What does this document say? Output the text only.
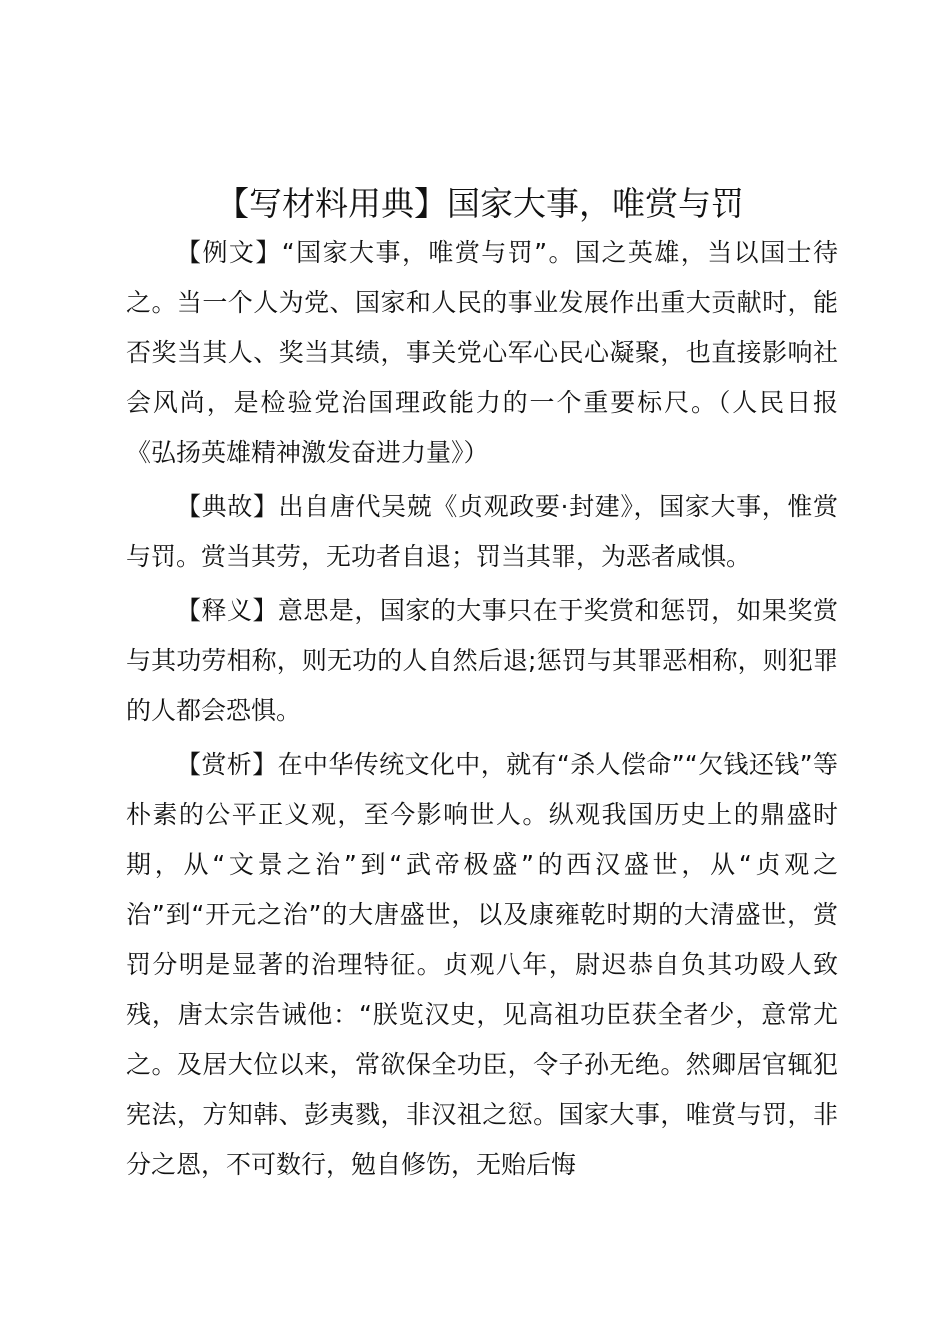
【写材料用典】国家大事，唯赏与罚

【例文】“国家大事，唯赏与罚”。国之英雄，当以国士待之。当一个人为党、国家和人民的事业发展作出重大贡献时，能否奖当其人、奖当其绩，事关党心军心民心凝聚，也直接影响社会风尚，是检验党治国理政能力的一个重要标尺。（人民日报《弘扬英雄精神激发奋进力量》）

【典故】出自唐代吴兢《贞观政要·封建》，国家大事，惟赏与罚。赏当其劳，无功者自退；罚当其罪，为恶者咸惧。

【释义】意思是，国家的大事只在于奖赏和惩罚，如果奖赏与其功劳相称，则无功的人自然后退;惩罚与其罪恶相称，则犯罪的人都会恐惧。

【赏析】在中华传统文化中，就有“杀人偿命”“欠钱还钱”等朴素的公平正义观，至今影响世人。纵观我国历史上的鼎盛时期，从“文景之治”到“武帝极盛”的西汉盛世，从“贞观之治”到“开元之治”的大唐盛世，以及康雍乾时期的大清盛世，赏罚分明是显著的治理特征。贞观八年，尉迟恭自负其功殴人致残，唐太宗告诫他：“朕览汉史，见高祖功臣获全者少，意常尤之。及居大位以来，常欲保全功臣，令子孙无绝。然卿居官辄犯宪法，方知韩、彭夷戮，非汉祖之愆。国家大事，唯赏与罚，非分之恩，不可数行，勉自修饬，无贻后悔
